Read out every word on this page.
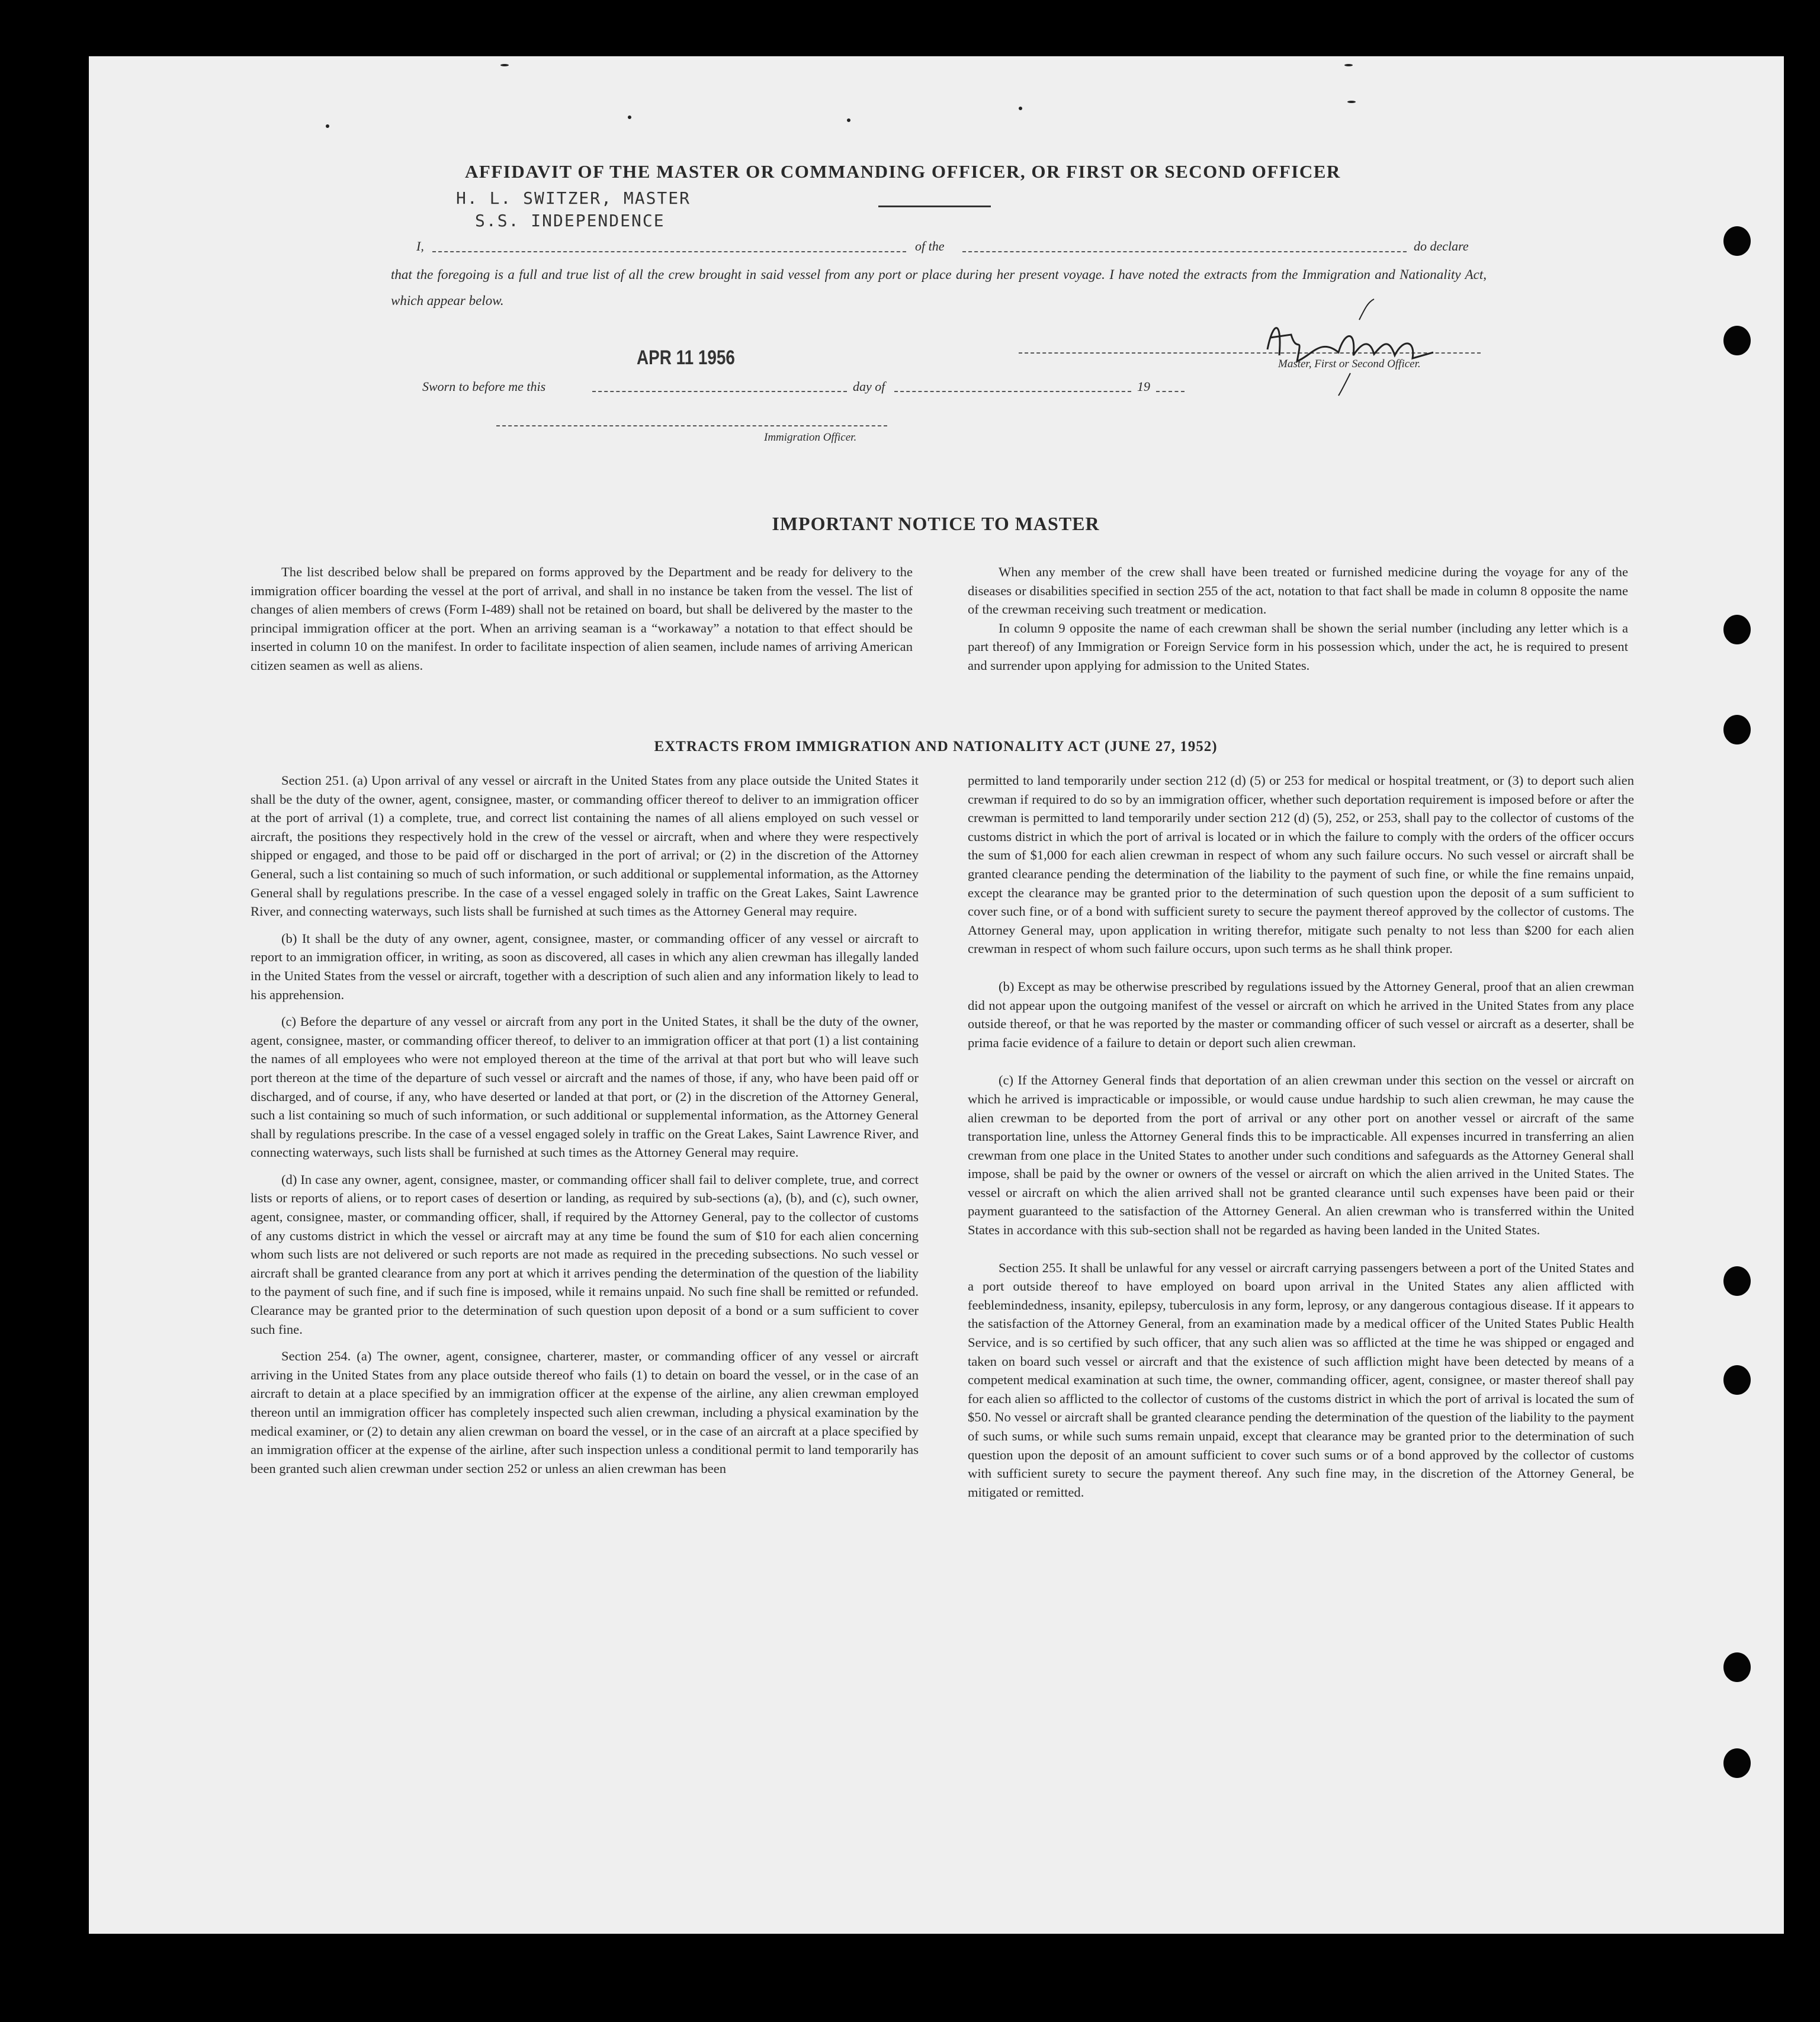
AFFIDAVIT OF THE MASTER OR COMMANDING OFFICER, OR FIRST OR SECOND OFFICER
H. L. SWITZER, MASTER
S.S. INDEPENDENCE
I,	of the	do declare
that the foregoing is a full and true list of all the crew brought in said vessel from any port or place during her present voyage. I have noted the extracts from the Immigration and Nationality Act, which appear below.
APR 11 1956
H L Switzer
Master, First or Second Officer.
Sworn to before me this	day of	19
Immigration Officer.
IMPORTANT NOTICE TO MASTER

The list described below shall be prepared on forms approved by the Department and be ready for delivery to the immigration officer boarding the vessel at the port of arrival, and shall in no instance be taken from the vessel. The list of changes of alien members of crews (Form I-489) shall not be retained on board, but shall be delivered by the master to the principal immigration officer at the port. When an arriving seaman is a “workaway” a notation to that effect should be inserted in column 10 on the manifest. In order to facilitate inspection of alien seamen, include names of arriving American citizen seamen as well as aliens.

When any member of the crew shall have been treated or furnished medicine during the voyage for any of the diseases or disabilities specified in section 255 of the act, notation to that fact shall be made in column 8 opposite the name of the crewman receiving such treatment or medication.

In column 9 opposite the name of each crewman shall be shown the serial number (including any letter which is a part thereof) of any Immigration or Foreign Service form in his possession which, under the act, he is required to present and surrender upon applying for admission to the United States.

EXTRACTS FROM IMMIGRATION AND NATIONALITY ACT (JUNE 27, 1952)

Section 251. (a) Upon arrival of any vessel or aircraft in the United States from any place outside the United States it shall be the duty of the owner, agent, consignee, master, or commanding officer thereof to deliver to an immigration officer at the port of arrival (1) a complete, true, and correct list containing the names of all aliens employed on such vessel or aircraft, the positions they respectively hold in the crew of the vessel or aircraft, when and where they were respectively shipped or engaged, and those to be paid off or discharged in the port of arrival; or (2) in the discretion of the Attorney General, such a list containing so much of such information, or such additional or supplemental information, as the Attorney General shall by regulations prescribe. In the case of a vessel engaged solely in traffic on the Great Lakes, Saint Lawrence River, and connecting waterways, such lists shall be furnished at such times as the Attorney General may require.

(b) It shall be the duty of any owner, agent, consignee, master, or commanding officer of any vessel or aircraft to report to an immigration officer, in writing, as soon as discovered, all cases in which any alien crewman has illegally landed in the United States from the vessel or aircraft, together with a description of such alien and any information likely to lead to his apprehension.

(c) Before the departure of any vessel or aircraft from any port in the United States, it shall be the duty of the owner, agent, consignee, master, or commanding officer thereof, to deliver to an immigration officer at that port (1) a list containing the names of all employees who were not employed thereon at the time of the arrival at that port but who will leave such port thereon at the time of the departure of such vessel or aircraft and the names of those, if any, who have been paid off or discharged, and of course, if any, who have deserted or landed at that port, or (2) in the discretion of the Attorney General, such a list containing so much of such information, or such additional or supplemental information, as the Attorney General shall by regulations prescribe. In the case of a vessel engaged solely in traffic on the Great Lakes, Saint Lawrence River, and connecting waterways, such lists shall be furnished at such times as the Attorney General may require.

(d) In case any owner, agent, consignee, master, or commanding officer shall fail to deliver complete, true, and correct lists or reports of aliens, or to report cases of desertion or landing, as required by sub-sections (a), (b), and (c), such owner, agent, consignee, master, or commanding officer, shall, if required by the Attorney General, pay to the collector of customs of any customs district in which the vessel or aircraft may at any time be found the sum of $10 for each alien concerning whom such lists are not delivered or such reports are not made as required in the preceding subsections. No such vessel or aircraft shall be granted clearance from any port at which it arrives pending the determination of the question of the liability to the payment of such fine, and if such fine is imposed, while it remains unpaid. No such fine shall be remitted or refunded. Clearance may be granted prior to the determination of such question upon deposit of a bond or a sum sufficient to cover such fine.

Section 254. (a) The owner, agent, consignee, charterer, master, or commanding officer of any vessel or aircraft arriving in the United States from any place outside thereof who fails (1) to detain on board the vessel, or in the case of an aircraft to detain at a place specified by an immigration officer at the expense of the airline, any alien crewman employed thereon until an immigration officer has completely inspected such alien crewman, including a physical examination by the medical examiner, or (2) to detain any alien crewman on board the vessel, or in the case of an aircraft at a place specified by an immigration officer at the expense of the airline, after such inspection unless a conditional permit to land temporarily has been granted such alien crewman under section 252 or unless an alien crewman has been

permitted to land temporarily under section 212 (d) (5) or 253 for medical or hospital treatment, or (3) to deport such alien crewman if required to do so by an immigration officer, whether such deportation requirement is imposed before or after the crewman is permitted to land temporarily under section 212 (d) (5), 252, or 253, shall pay to the collector of customs of the customs district in which the port of arrival is located or in which the failure to comply with the orders of the officer occurs the sum of $1,000 for each alien crewman in respect of whom any such failure occurs. No such vessel or aircraft shall be granted clearance pending the determination of the liability to the payment of such fine, or while the fine remains unpaid, except the clearance may be granted prior to the determination of such question upon the deposit of a sum sufficient to cover such fine, or of a bond with sufficient surety to secure the payment thereof approved by the collector of customs. The Attorney General may, upon application in writing therefor, mitigate such penalty to not less than $200 for each alien crewman in respect of whom such failure occurs, upon such terms as he shall think proper.

(b) Except as may be otherwise prescribed by regulations issued by the Attorney General, proof that an alien crewman did not appear upon the outgoing manifest of the vessel or aircraft on which he arrived in the United States from any place outside thereof, or that he was reported by the master or commanding officer of such vessel or aircraft as a deserter, shall be prima facie evidence of a failure to detain or deport such alien crewman.

(c) If the Attorney General finds that deportation of an alien crewman under this section on the vessel or aircraft on which he arrived is impracticable or impossible, or would cause undue hardship to such alien crewman, he may cause the alien crewman to be deported from the port of arrival or any other port on another vessel or aircraft of the same transportation line, unless the Attorney General finds this to be impracticable. All expenses incurred in transferring an alien crewman from one place in the United States to another under such conditions and safeguards as the Attorney General shall impose, shall be paid by the owner or owners of the vessel or aircraft on which the alien arrived in the United States. The vessel or aircraft on which the alien arrived shall not be granted clearance until such expenses have been paid or their payment guaranteed to the satisfaction of the Attorney General. An alien crewman who is transferred within the United States in accordance with this sub-section shall not be regarded as having been landed in the United States.

Section 255. It shall be unlawful for any vessel or aircraft carrying passengers between a port of the United States and a port outside thereof to have employed on board upon arrival in the United States any alien afflicted with feeblemindedness, insanity, epilepsy, tuberculosis in any form, leprosy, or any dangerous contagious disease. If it appears to the satisfaction of the Attorney General, from an examination made by a medical officer of the United States Public Health Service, and is so certified by such officer, that any such alien was so afflicted at the time he was shipped or engaged and taken on board such vessel or aircraft and that the existence of such affliction might have been detected by means of a competent medical examination at such time, the owner, commanding officer, agent, consignee, or master thereof shall pay for each alien so afflicted to the collector of customs of the customs district in which the port of arrival is located the sum of $50. No vessel or aircraft shall be granted clearance pending the determination of the question of the liability to the payment of such sums, or while such sums remain unpaid, except that clearance may be granted prior to the determination of such question upon the deposit of an amount sufficient to cover such sums or of a bond approved by the collector of customs with sufficient surety to secure the payment thereof. Any such fine may, in the discretion of the Attorney General, be mitigated or remitted.
